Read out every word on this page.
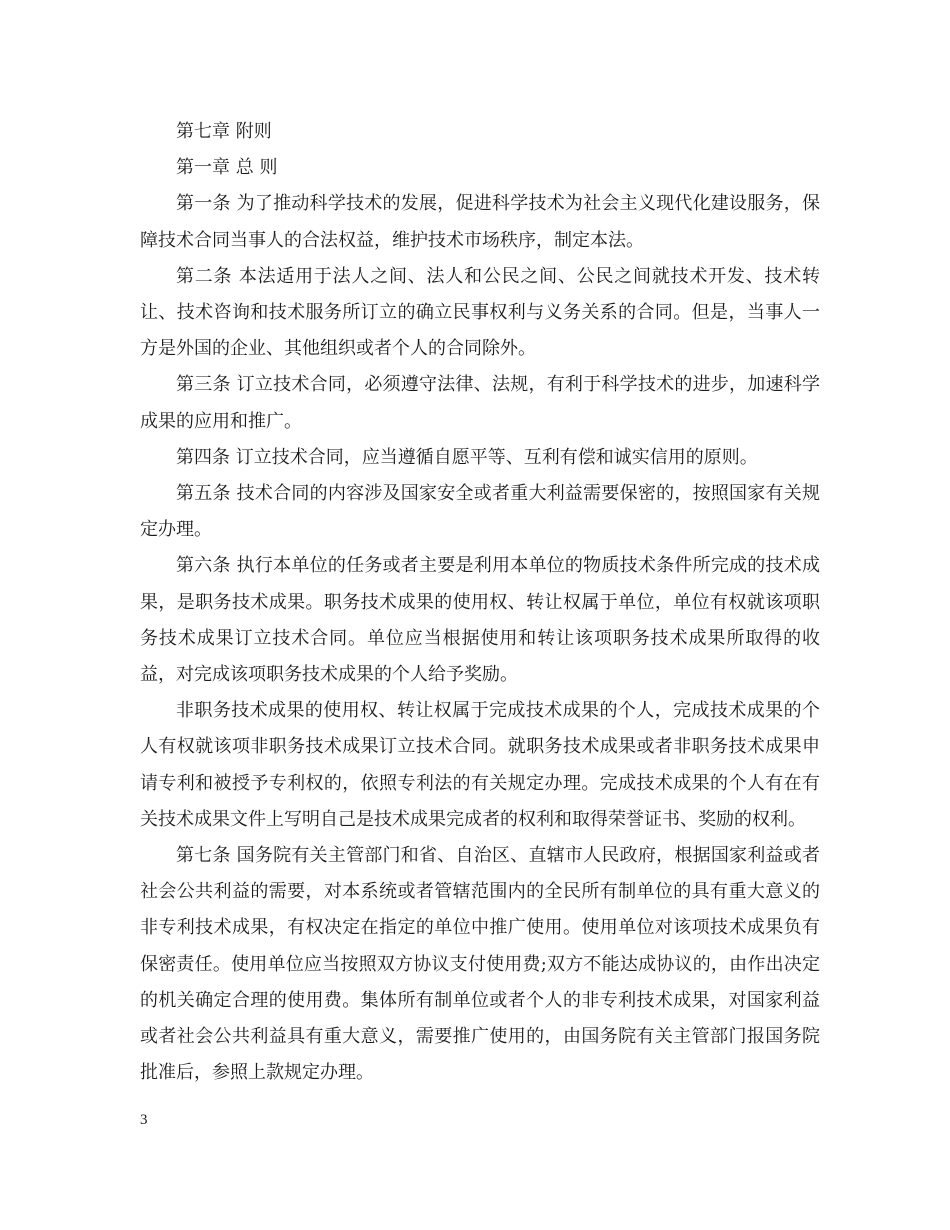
第七章 附则

第一章 总 则

第一条 为了推动科学技术的发展，促进科学技术为社会主义现代化建设服务，保障技术合同当事人的合法权益，维护技术市场秩序，制定本法。

第二条 本法适用于法人之间、法人和公民之间、公民之间就技术开发、技术转让、技术咨询和技术服务所订立的确立民事权利与义务关系的合同。但是，当事人一方是外国的企业、其他组织或者个人的合同除外。

第三条 订立技术合同，必须遵守法律、法规，有利于科学技术的进步，加速科学成果的应用和推广。

第四条 订立技术合同，应当遵循自愿平等、互利有偿和诚实信用的原则。

第五条 技术合同的内容涉及国家安全或者重大利益需要保密的，按照国家有关规定办理。

第六条 执行本单位的任务或者主要是利用本单位的物质技术条件所完成的技术成果，是职务技术成果。职务技术成果的使用权、转让权属于单位，单位有权就该项职务技术成果订立技术合同。单位应当根据使用和转让该项职务技术成果所取得的收益，对完成该项职务技术成果的个人给予奖励。

非职务技术成果的使用权、转让权属于完成技术成果的个人，完成技术成果的个人有权就该项非职务技术成果订立技术合同。就职务技术成果或者非职务技术成果申请专利和被授予专利权的，依照专利法的有关规定办理。完成技术成果的个人有在有关技术成果文件上写明自己是技术成果完成者的权利和取得荣誉证书、奖励的权利。

第七条 国务院有关主管部门和省、自治区、直辖市人民政府，根据国家利益或者社会公共利益的需要，对本系统或者管辖范围内的全民所有制单位的具有重大意义的非专利技术成果，有权决定在指定的单位中推广使用。使用单位对该项技术成果负有保密责任。使用单位应当按照双方协议支付使用费;双方不能达成协议的，由作出决定的机关确定合理的使用费。集体所有制单位或者个人的非专利技术成果，对国家利益或者社会公共利益具有重大意义，需要推广使用的，由国务院有关主管部门报国务院批准后，参照上款规定办理。

3
